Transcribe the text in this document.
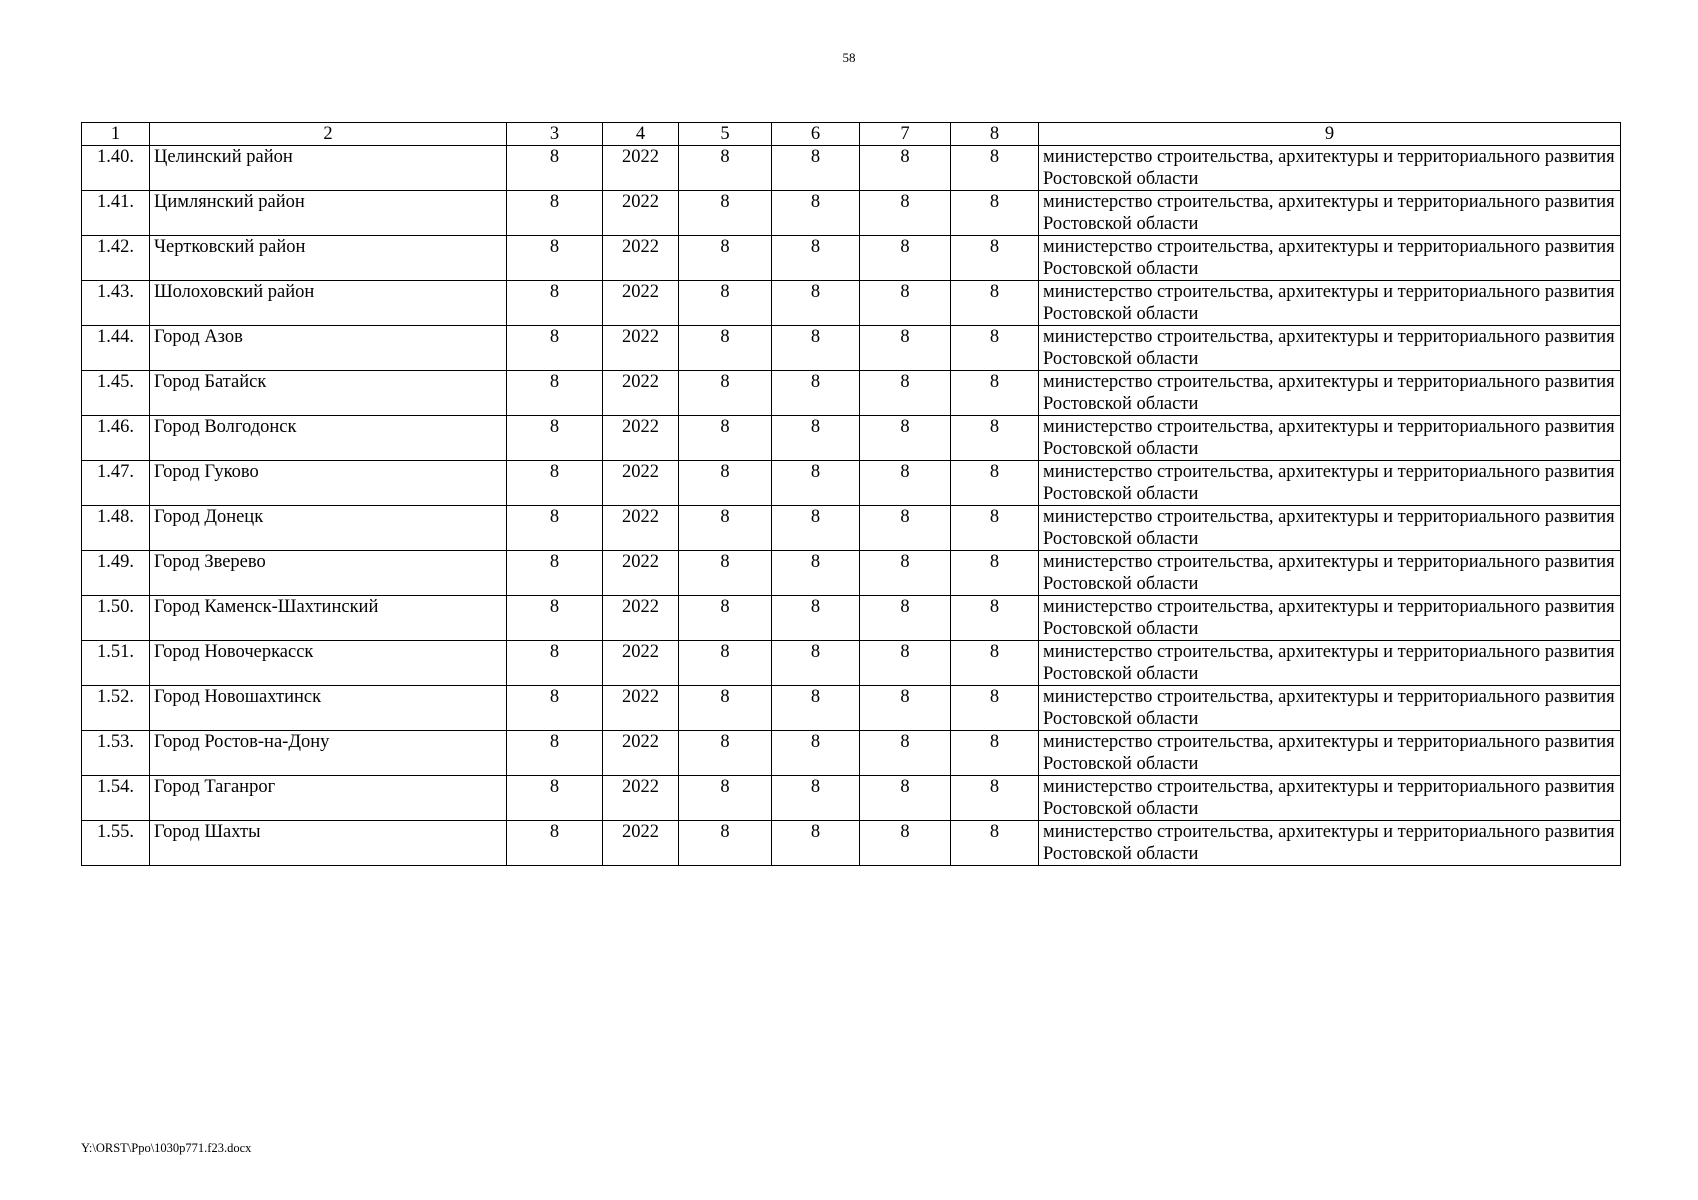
58
1	2	3	4	5	6	7	8	9
1.40.	Целинский район	8	2022	8	8	8	8	министерство строительства, архитектуры и территориального развития Ростовской области
1.41.	Цимлянский район	8	2022	8	8	8	8	министерство строительства, архитектуры и территориального развития Ростовской области
1.42.	Чертковский район	8	2022	8	8	8	8	министерство строительства, архитектуры и территориального развития Ростовской области
1.43.	Шолоховский район	8	2022	8	8	8	8	министерство строительства, архитектуры и территориального развития Ростовской области
1.44.	Город Азов	8	2022	8	8	8	8	министерство строительства, архитектуры и территориального развития Ростовской области
1.45.	Город Батайск	8	2022	8	8	8	8	министерство строительства, архитектуры и территориального развития Ростовской области
1.46.	Город Волгодонск	8	2022	8	8	8	8	министерство строительства, архитектуры и территориального развития Ростовской области
1.47.	Город Гуково	8	2022	8	8	8	8	министерство строительства, архитектуры и территориального развития Ростовской области
1.48.	Город Донецк	8	2022	8	8	8	8	министерство строительства, архитектуры и территориального развития Ростовской области
1.49.	Город Зверево	8	2022	8	8	8	8	министерство строительства, архитектуры и территориального развития Ростовской области
1.50.	Город Каменск-Шахтинский	8	2022	8	8	8	8	министерство строительства, архитектуры и территориального развития Ростовской области
1.51.	Город Новочеркасск	8	2022	8	8	8	8	министерство строительства, архитектуры и территориального развития Ростовской области
1.52.	Город Новошахтинск	8	2022	8	8	8	8	министерство строительства, архитектуры и территориального развития Ростовской области
1.53.	Город Ростов-на-Дону	8	2022	8	8	8	8	министерство строительства, архитектуры и территориального развития Ростовской области
1.54.	Город Таганрог	8	2022	8	8	8	8	министерство строительства, архитектуры и территориального развития Ростовской области
1.55.	Город Шахты	8	2022	8	8	8	8	министерство строительства, архитектуры и территориального развития Ростовской области
Y:\ORST\Ppo\1030p771.f23.docx
